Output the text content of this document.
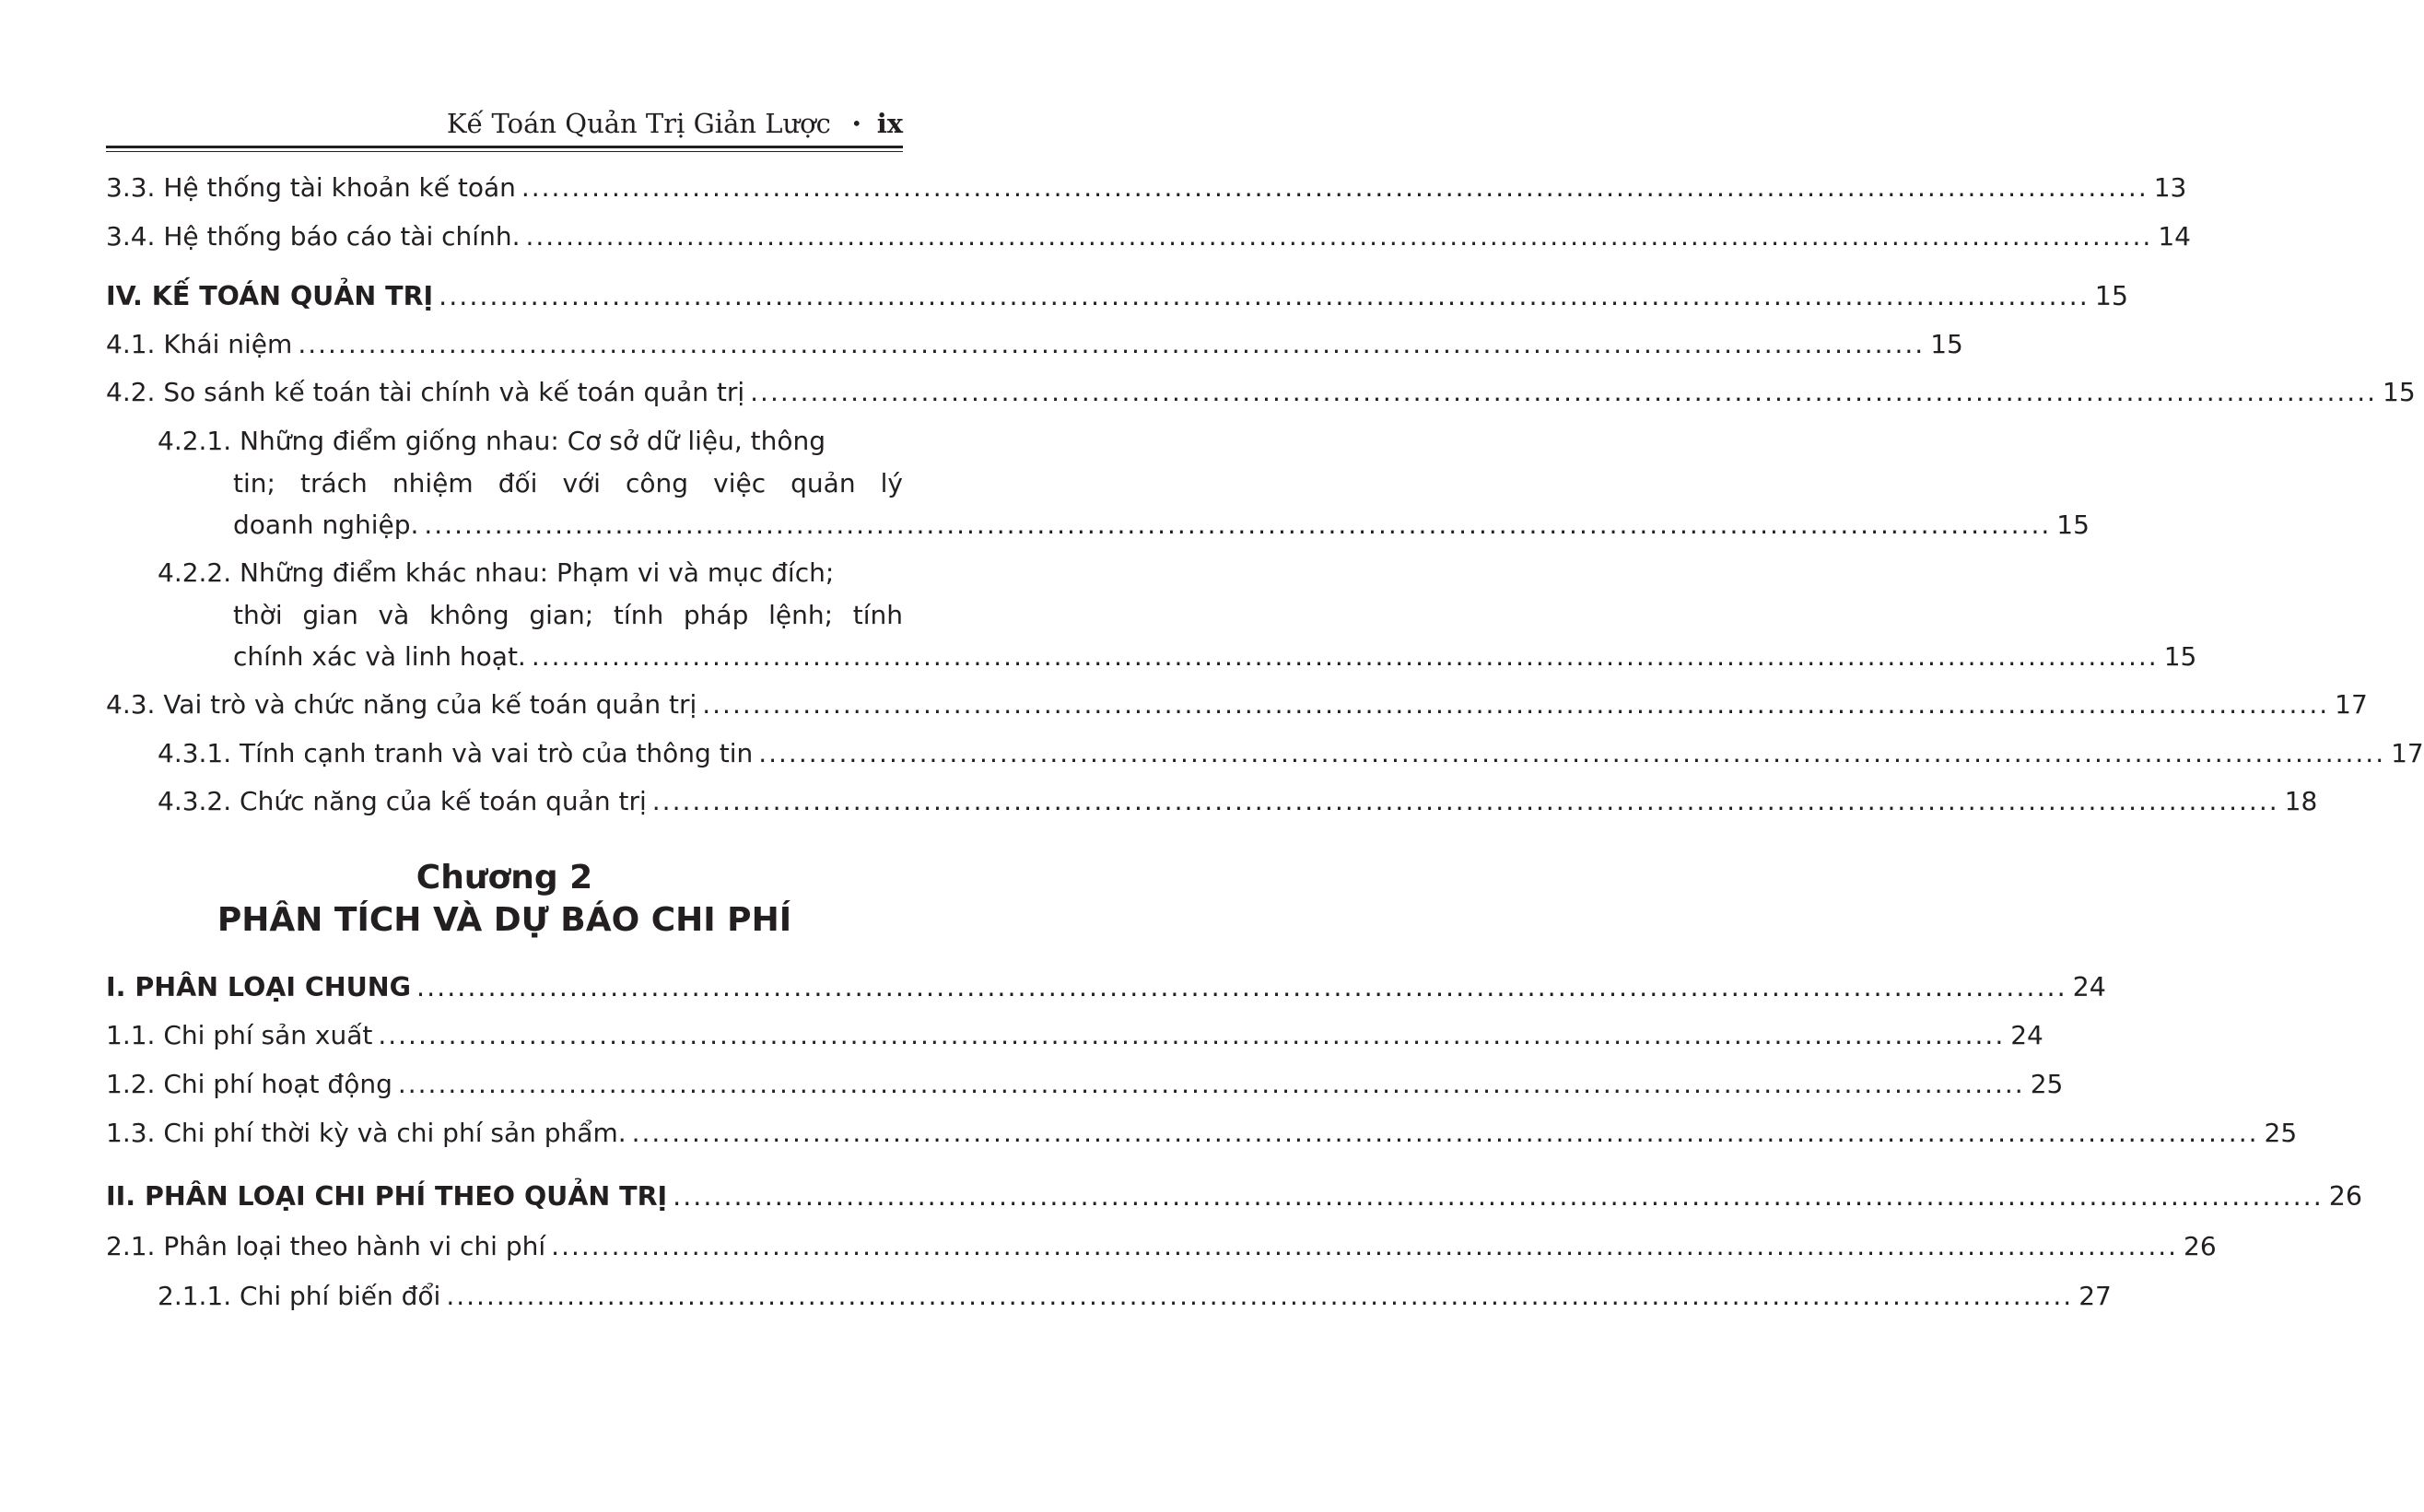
Kế Toán Quản Trị Giản Lược • ix
3.3. Hệ thống tài khoản kế toán .................................................................................................................................................................. 13
3.4. Hệ thống báo cáo tài chính. .................................................................................................................................................................. 14
IV. KẾ TOÁN QUẢN TRỊ .................................................................................................................................................................. 15
4.1. Khái niệm .................................................................................................................................................................. 15
4.2. So sánh kế toán tài chính và kế toán quản trị .................................................................................................................................................................. 15
4.2.1. Những điểm giống nhau: Cơ sở dữ liệu, thông
tin; trách nhiệm đối với công việc quản lý
doanh nghiệp. .................................................................................................................................................................. 15
4.2.2. Những điểm khác nhau: Phạm vi và mục đích;
thời gian và không gian; tính pháp lệnh; tính
chính xác và linh hoạt. .................................................................................................................................................................. 15
4.3. Vai trò và chức năng của kế toán quản trị .................................................................................................................................................................. 17
4.3.1. Tính cạnh tranh và vai trò của thông tin .................................................................................................................................................................. 17
4.3.2. Chức năng của kế toán quản trị .................................................................................................................................................................. 18
Chương 2
PHÂN TÍCH VÀ DỰ BÁO CHI PHÍ
I. PHÂN LOẠI CHUNG .................................................................................................................................................................. 24
1.1. Chi phí sản xuất .................................................................................................................................................................. 24
1.2. Chi phí hoạt động .................................................................................................................................................................. 25
1.3. Chi phí thời kỳ và chi phí sản phẩm. .................................................................................................................................................................. 25
II. PHÂN LOẠI CHI PHÍ THEO QUẢN TRỊ .................................................................................................................................................................. 26
2.1. Phân loại theo hành vi chi phí .................................................................................................................................................................. 26
2.1.1. Chi phí biến đổi .................................................................................................................................................................. 27
